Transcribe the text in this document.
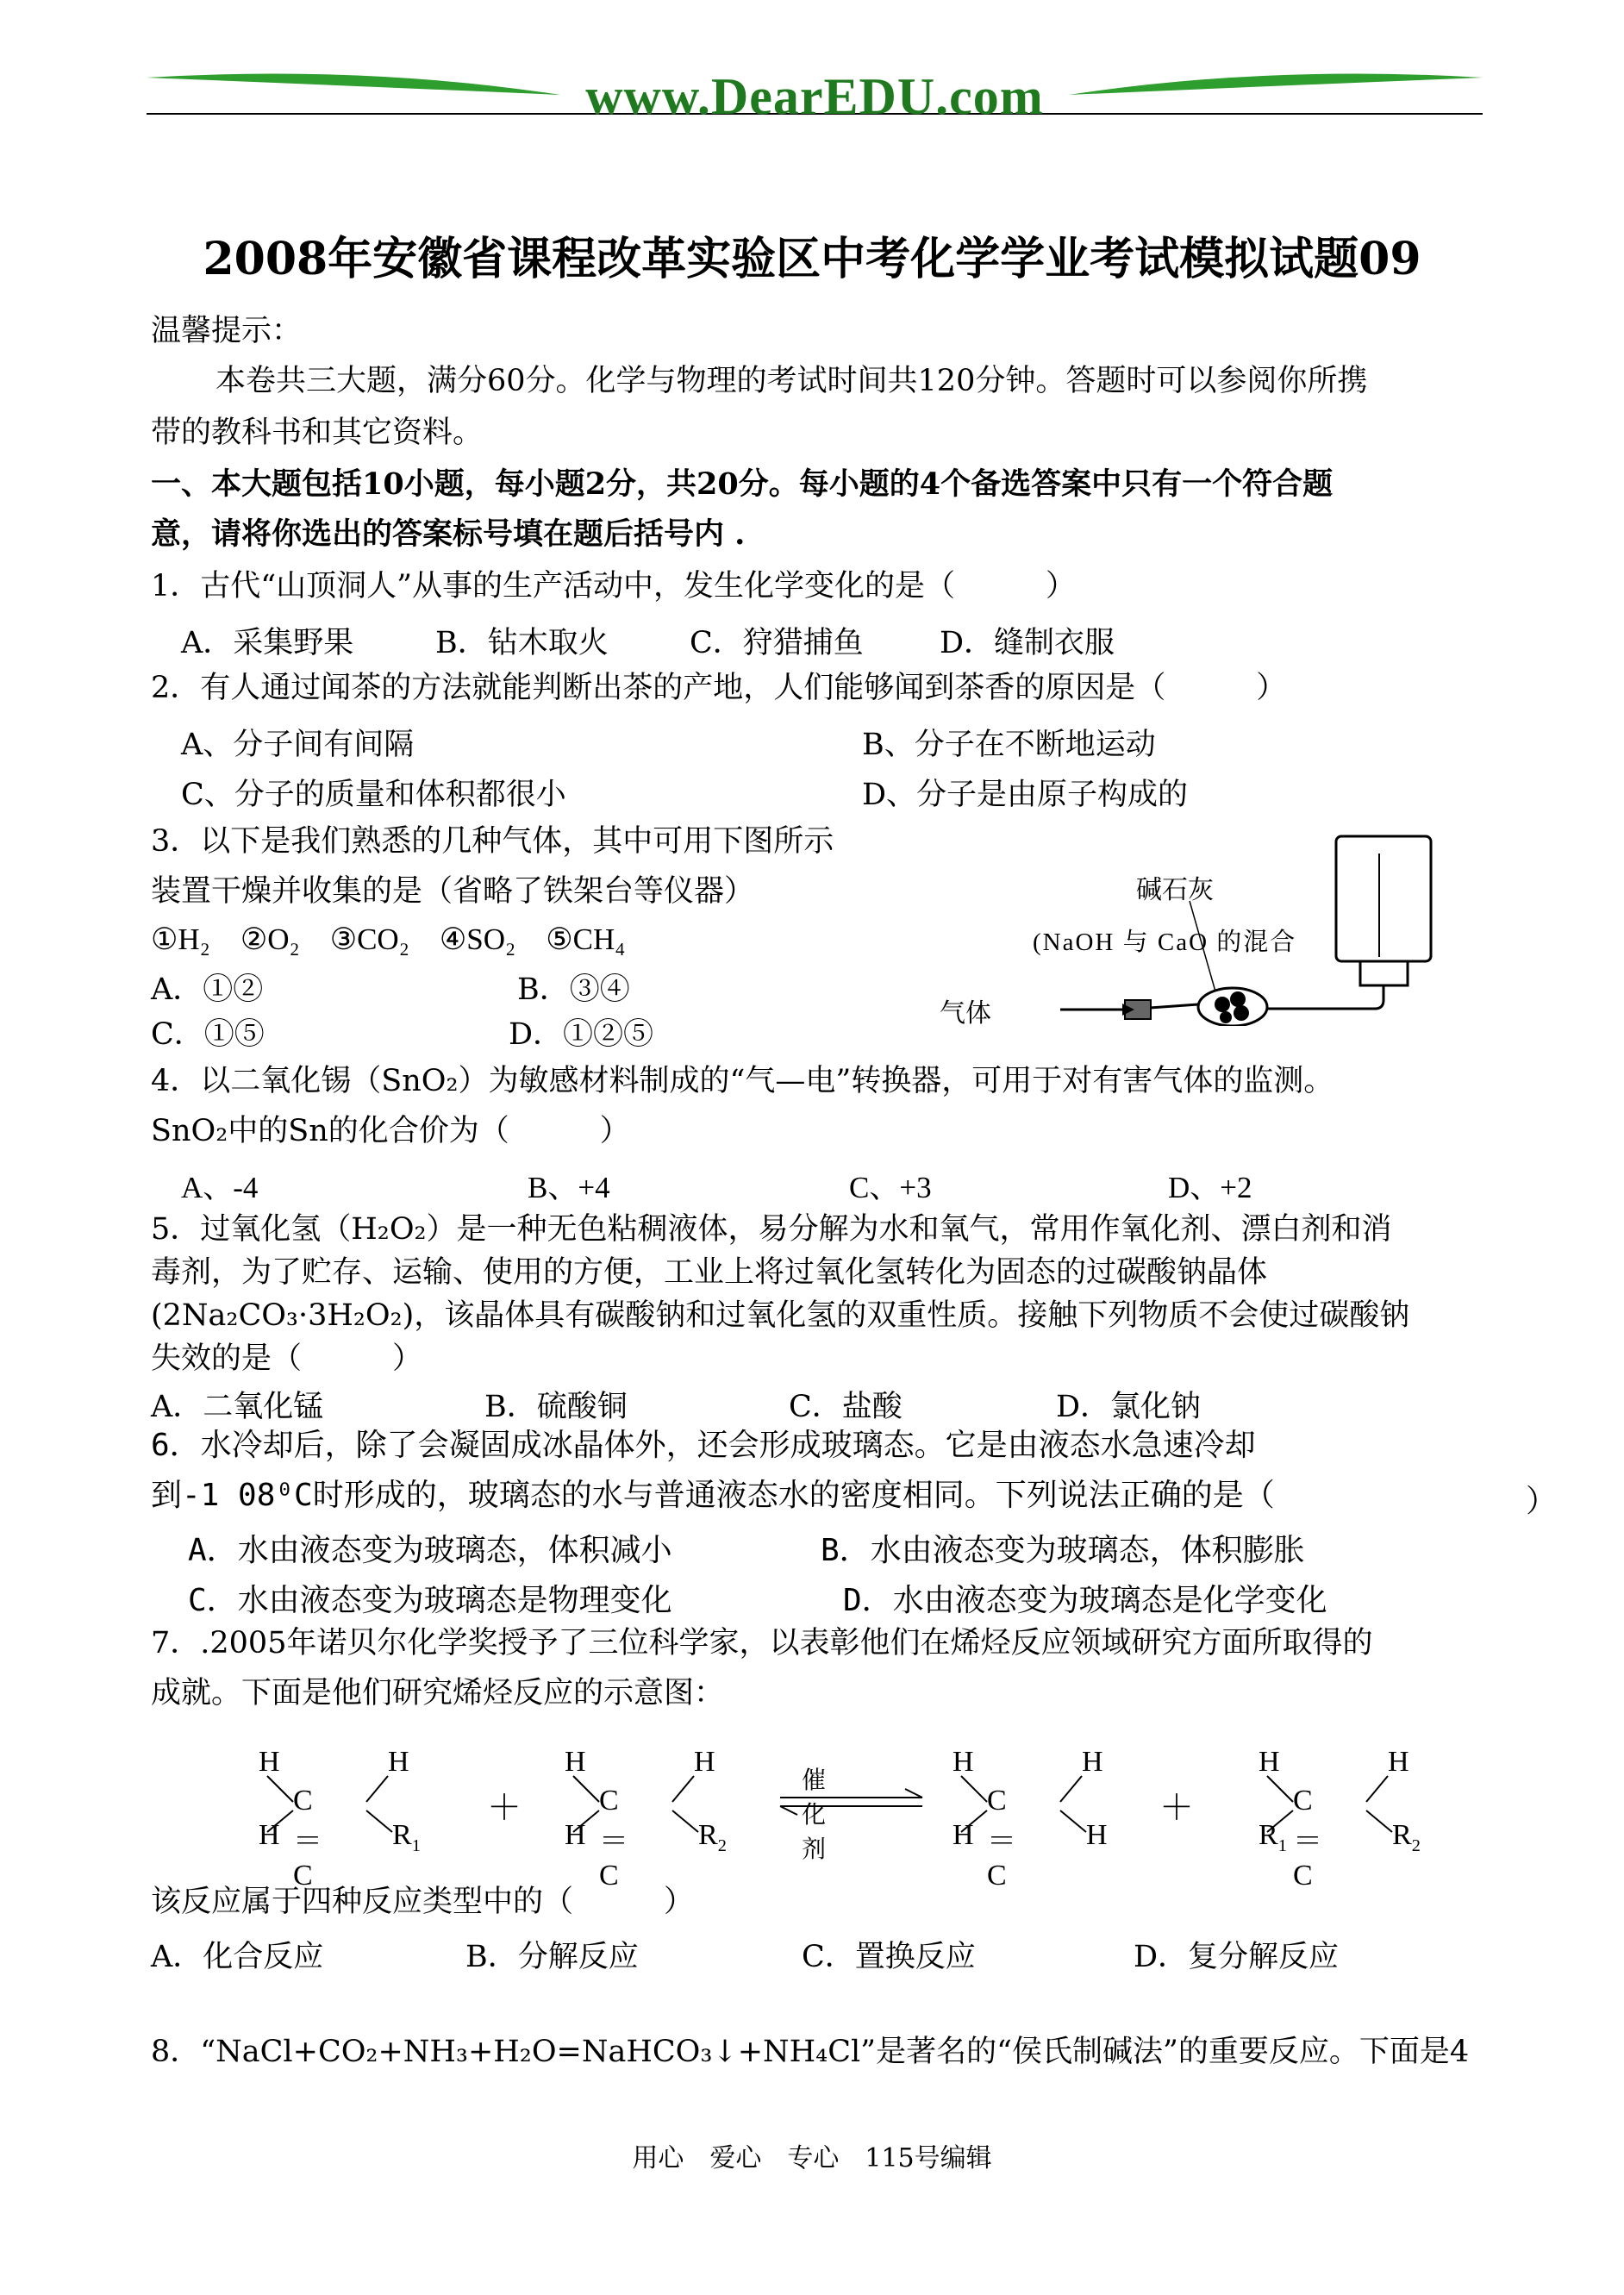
www.DearEDU.com
2008年安徽省课程改革实验区中考化学学业考试模拟试题09
温馨提示：
本卷共三大题，满分60分。化学与物理的考试时间共120分钟。答题时可以参阅你所携
带的教科书和其它资料。
一、本大题包括10小题，每小题2分，共20分。每小题的4个备选答案中只有一个符合题
意，请将你选出的答案标号填在题后括号内 .
1．古代“山顶洞人”从事的生产活动中，发生化学变化的是（　　　）
A．采集野果	B．钻木取火	C．狩猎捕鱼	D．缝制衣服
2．有人通过闻茶的方法就能判断出茶的产地，人们能够闻到茶香的原因是（　　　）
A、分子间有间隔	B、分子在不断地运动
C、分子的质量和体积都很小	D、分子是由原子构成的
3．以下是我们熟悉的几种气体，其中可用下图所示
装置干燥并收集的是（省略了铁架台等仪器）
①H₂　②O₂　③CO₂　④SO₂　⑤CH₄
A．①②	B．③④
C．①⑤	D．①②⑤
碱石灰
(NaOH 与 CaO 的混合
气体
4．以二氧化锡（SnO₂）为敏感材料制成的“气—电”转换器，可用于对有害气体的监测。
SnO₂中的Sn的化合价为（　　　）
A、-4	B、+4	C、+3	D、+2
5．过氧化氢（H₂O₂）是一种无色粘稠液体，易分解为水和氧气，常用作氧化剂、漂白剂和消
毒剂，为了贮存、运输、使用的方便，工业上将过氧化氢转化为固态的过碳酸钠晶体
(2Na₂CO₃·3H₂O₂)，该晶体具有碳酸钠和过氧化氢的双重性质。接触下列物质不会使过碳酸钠
失效的是（　　　）
A．二氧化锰	B．硫酸铜	C．盐酸	D．氯化钠
6．水冷却后，除了会凝固成冰晶体外，还会形成玻璃态。它是由液态水急速冷却
到-1 08⁰C时形成的，玻璃态的水与普通液态水的密度相同。下列说法正确的是（	）
A．水由液态变为玻璃态，体积减小	B．水由液态变为玻璃态，体积膨胀
C．水由液态变为玻璃态是物理变化	D．水由液态变为玻璃态是化学变化
7．.2005年诺贝尔化学奖授予了三位科学家，以表彰他们在烯烃反应领域研究方面所取得的
成就。下面是他们研究烯烃反应的示意图：
H
H
C＝C
H
$R_1$
＋
H
H
C＝C
H
$R_2$
催化剂
H
H
C＝C
H
H
＋
H
$R_1$
C＝C
H
$R_2$
该反应属于四种反应类型中的（　　　）
A．化合反应	B．分解反应	C．置换反应	D．复分解反应
8．“NaCl+CO₂+NH₃+H₂O=NaHCO₃↓+NH₄Cl”是著名的“侯氏制碱法”的重要反应。下面是4
用心　爱心　专心　115号编辑
